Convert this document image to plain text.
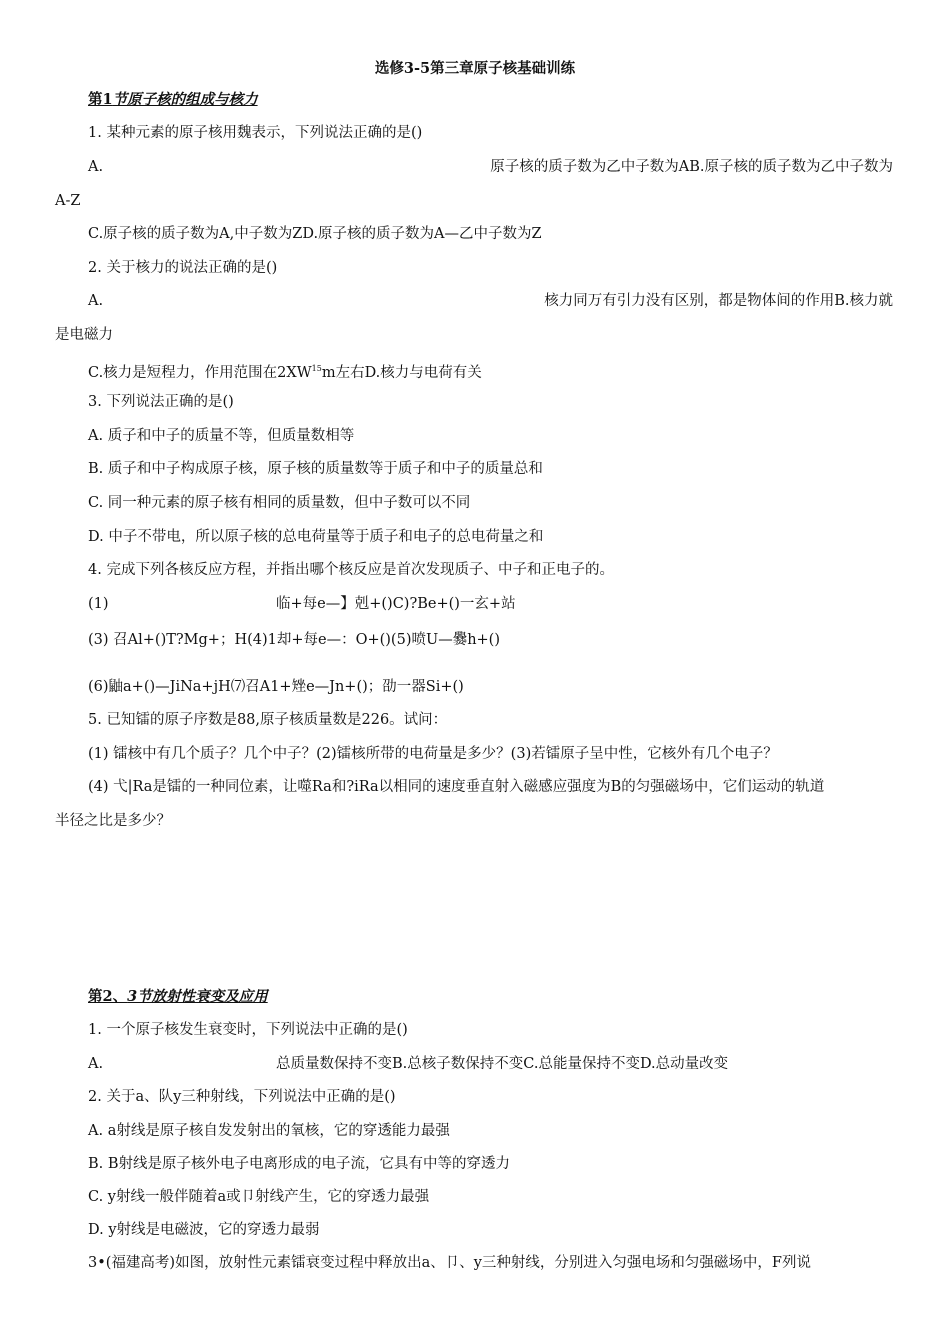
选修3-5第三章原子核基础训练
第1节原子核的组成与核力
1. 某种元素的原子核用魏表示，下列说法正确的是()
A.	原子核的质子数为乙中子数为AB.原子核的质子数为乙中子数为
A-Z
C.原子核的质子数为A,中子数为ZD.原子核的质子数为A—乙中子数为Z
2. 关于核力的说法正确的是()
A.	核力同万有引力没有区别，都是物体间的作用B.核力就
是电磁力
C.核力是短程力，作用范围在2XW$^{15}$m左右D.核力与电荷有关
3. 下列说法正确的是()
A. 质子和中子的质量不等，但质量数相等
B. 质子和中子构成原子核，原子核的质量数等于质子和中子的质量总和
C. 同一种元素的原子核有相同的质量数，但中子数可以不同
D. 中子不带电，所以原子核的总电荷量等于质子和电子的总电荷量之和
4. 完成下列各核反应方程，并指出哪个核反应是首次发现质子、中子和正电子的。
(1)	临+每e—】剋+()C)?Be+()一玄+站
(3) 召Al+()T?Mg+；H(4)1却+每e—：O+()(5)喷U—爨h+()
(6)鼬a+()—JiNa+jH⑺召A1+矬e—Jn+()；劭一器Si+()
5. 已知镭的原子序数是88,原子核质量数是226。试问：
(1) 镭核中有几个质子？几个中子？(2)镭核所带的电荷量是多少？(3)若镭原子呈中性，它核外有几个电子？
(4) 弋|Ra是镭的一种同位素，让噬Ra和?iRa以相同的速度垂直射入磁感应强度为B的匀强磁场中，它们运动的轨道
半径之比是多少？
第2、3节放射性衰变及应用
1. 一个原子核发生衰变时，下列说法中正确的是()
A.	总质量数保持不变B.总核子数保持不变C.总能量保持不变D.总动量改变
2. 关于a、队y三种射线，下列说法中正确的是()
A. a射线是原子核自发发射出的氧核，它的穿透能力最强
B. B射线是原子核外电子电离形成的电子流，它具有中等的穿透力
C. y射线一般伴随着a或卩射线产生，它的穿透力最强
D. y射线是电磁波，它的穿透力最弱
3•(福建高考)如图，放射性元素镭衰变过程中释放出a、卩、y三种射线，分别进入匀强电场和匀强磁场中，F列说
